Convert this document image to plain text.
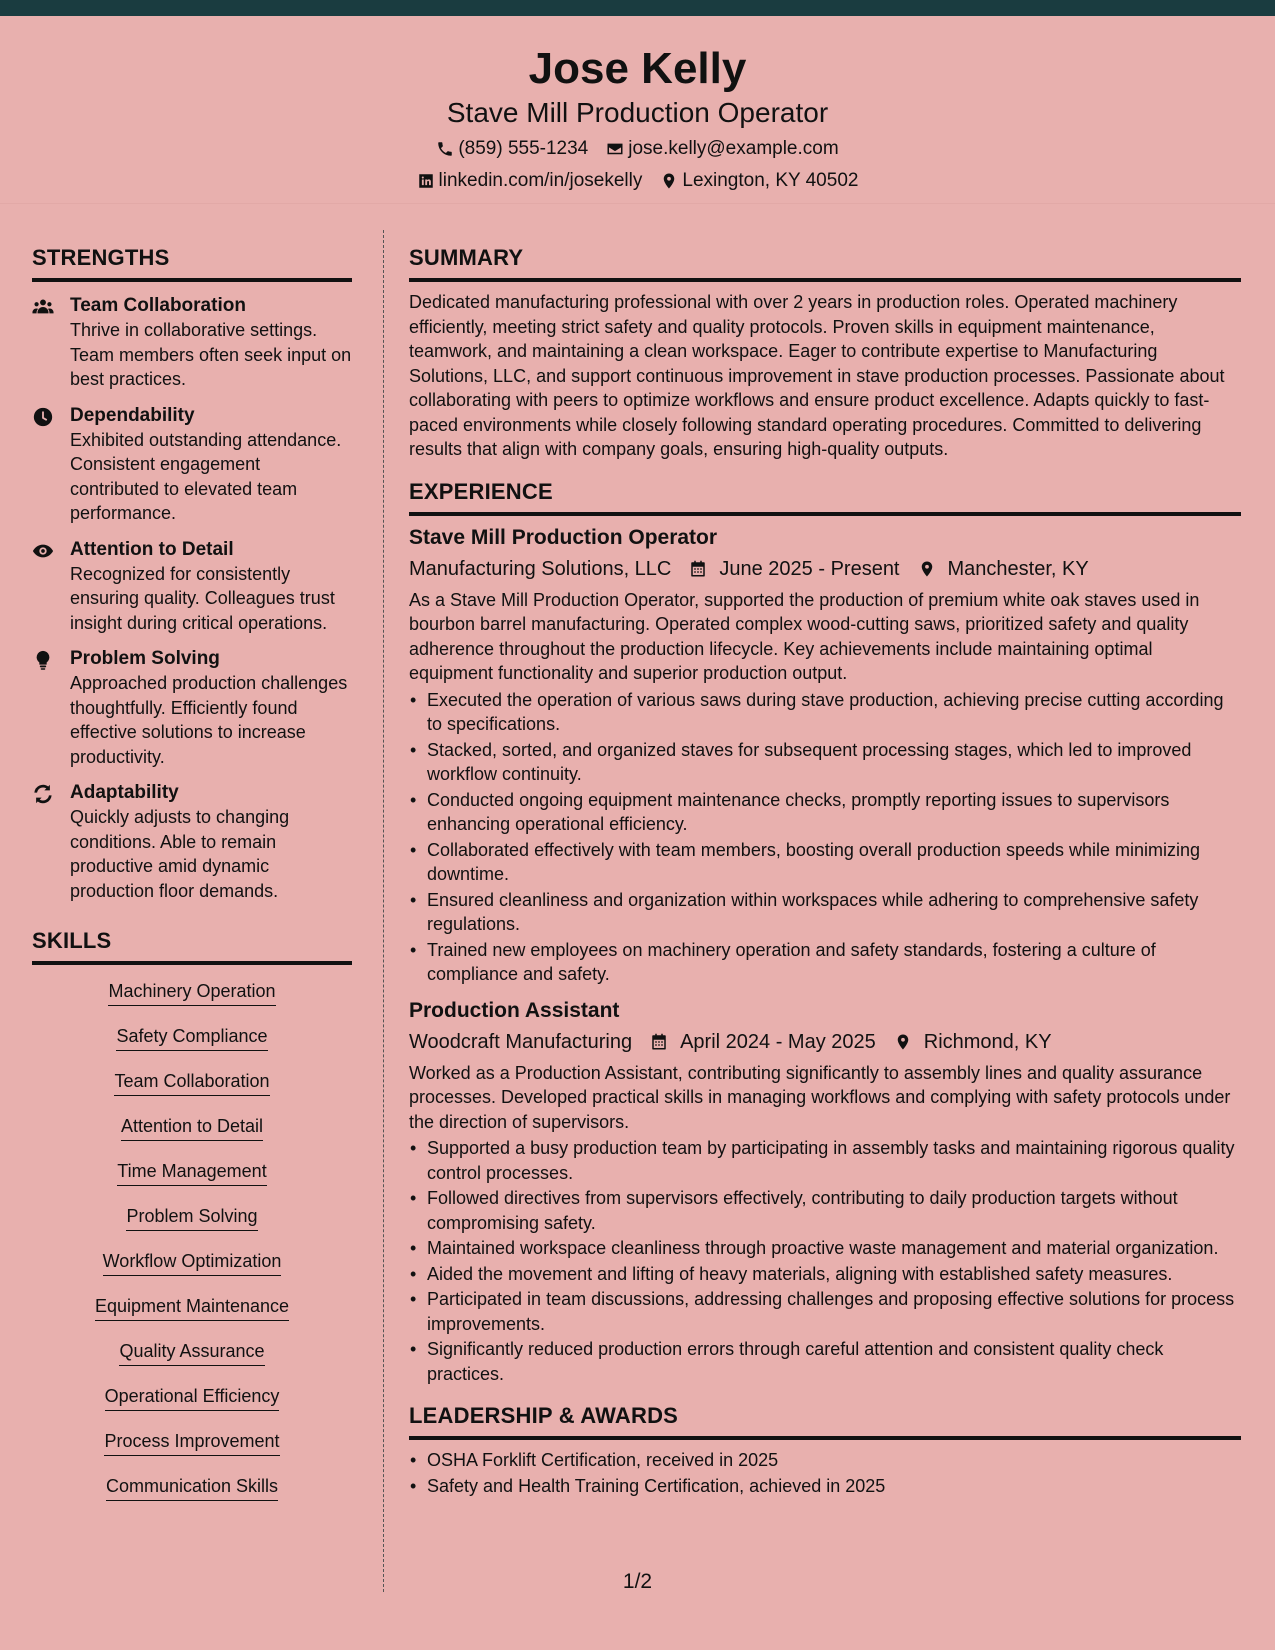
Jose Kelly
Stave Mill Production Operator
(859) 555-1234 jose.kelly@example.com
linkedin.com/in/josekelly Lexington, KY 40502
STRENGTHS
Team Collaboration
Thrive in collaborative settings. Team members often seek input on best practices.
Dependability
Exhibited outstanding attendance. Consistent engagement contributed to elevated team performance.
Attention to Detail
Recognized for consistently ensuring quality. Colleagues trust insight during critical operations.
Problem Solving
Approached production challenges thoughtfully. Efficiently found effective solutions to increase productivity.
Adaptability
Quickly adjusts to changing conditions. Able to remain productive amid dynamic production floor demands.
SKILLS
Machinery Operation
Safety Compliance
Team Collaboration
Attention to Detail
Time Management
Problem Solving
Workflow Optimization
Equipment Maintenance
Quality Assurance
Operational Efficiency
Process Improvement
Communication Skills
SUMMARY
Dedicated manufacturing professional with over 2 years in production roles. Operated machinery efficiently, meeting strict safety and quality protocols. Proven skills in equipment maintenance, teamwork, and maintaining a clean workspace. Eager to contribute expertise to Manufacturing Solutions, LLC, and support continuous improvement in stave production processes. Passionate about collaborating with peers to optimize workflows and ensure product excellence. Adapts quickly to fast-paced environments while closely following standard operating procedures. Committed to delivering results that align with company goals, ensuring high-quality outputs.
EXPERIENCE
Stave Mill Production Operator
Manufacturing Solutions, LLC June 2025 - Present Manchester, KY
As a Stave Mill Production Operator, supported the production of premium white oak staves used in bourbon barrel manufacturing. Operated complex wood-cutting saws, prioritized safety and quality adherence throughout the production lifecycle. Key achievements include maintaining optimal equipment functionality and superior production output.
• Executed the operation of various saws during stave production, achieving precise cutting according to specifications.
• Stacked, sorted, and organized staves for subsequent processing stages, which led to improved workflow continuity.
• Conducted ongoing equipment maintenance checks, promptly reporting issues to supervisors enhancing operational efficiency.
• Collaborated effectively with team members, boosting overall production speeds while minimizing downtime.
• Ensured cleanliness and organization within workspaces while adhering to comprehensive safety regulations.
• Trained new employees on machinery operation and safety standards, fostering a culture of compliance and safety.
Production Assistant
Woodcraft Manufacturing April 2024 - May 2025 Richmond, KY
Worked as a Production Assistant, contributing significantly to assembly lines and quality assurance processes. Developed practical skills in managing workflows and complying with safety protocols under the direction of supervisors.
• Supported a busy production team by participating in assembly tasks and maintaining rigorous quality control processes.
• Followed directives from supervisors effectively, contributing to daily production targets without compromising safety.
• Maintained workspace cleanliness through proactive waste management and material organization.
• Aided the movement and lifting of heavy materials, aligning with established safety measures.
• Participated in team discussions, addressing challenges and proposing effective solutions for process improvements.
• Significantly reduced production errors through careful attention and consistent quality check practices.
LEADERSHIP & AWARDS
• OSHA Forklift Certification, received in 2025
• Safety and Health Training Certification, achieved in 2025
1/2
